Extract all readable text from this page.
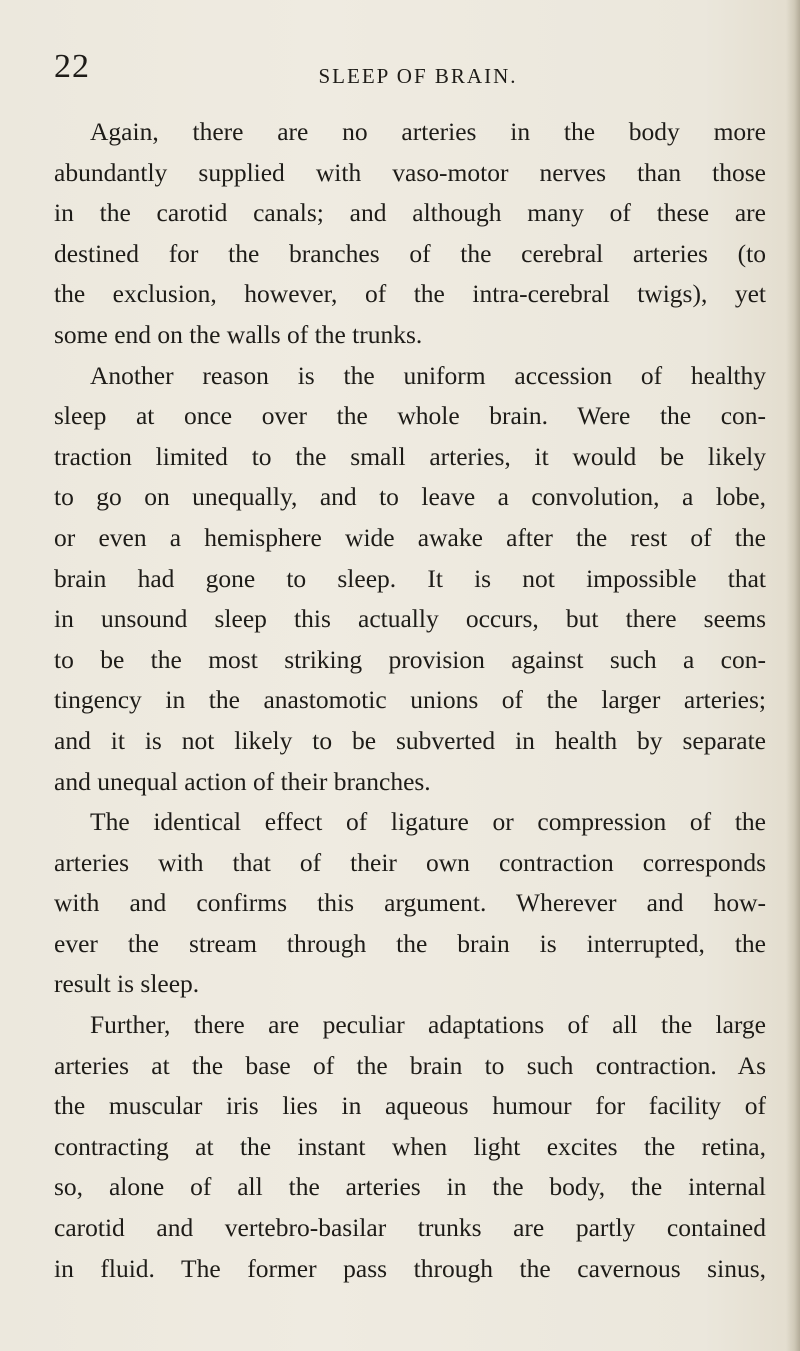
22	SLEEP OF BRAIN.
Again, there are no arteries in the body more
abundantly supplied with vaso-motor nerves than those
in the carotid canals; and although many of these are
destined for the branches of the cerebral arteries (to
the exclusion, however, of the intra-cerebral twigs), yet
some end on the walls of the trunks.
Another reason is the uniform accession of healthy
sleep at once over the whole brain. Were the con-
traction limited to the small arteries, it would be likely
to go on unequally, and to leave a convolution, a lobe,
or even a hemisphere wide awake after the rest of the
brain had gone to sleep. It is not impossible that
in unsound sleep this actually occurs, but there seems
to be the most striking provision against such a con-
tingency in the anastomotic unions of the larger arteries;
and it is not likely to be subverted in health by separate
and unequal action of their branches.
The identical effect of ligature or compression of the
arteries with that of their own contraction corresponds
with and confirms this argument. Wherever and how-
ever the stream through the brain is interrupted, the
result is sleep.
Further, there are peculiar adaptations of all the large
arteries at the base of the brain to such contraction. As
the muscular iris lies in aqueous humour for facility of
contracting at the instant when light excites the retina,
so, alone of all the arteries in the body, the internal
carotid and vertebro-basilar trunks are partly contained
in fluid. The former pass through the cavernous sinus,
